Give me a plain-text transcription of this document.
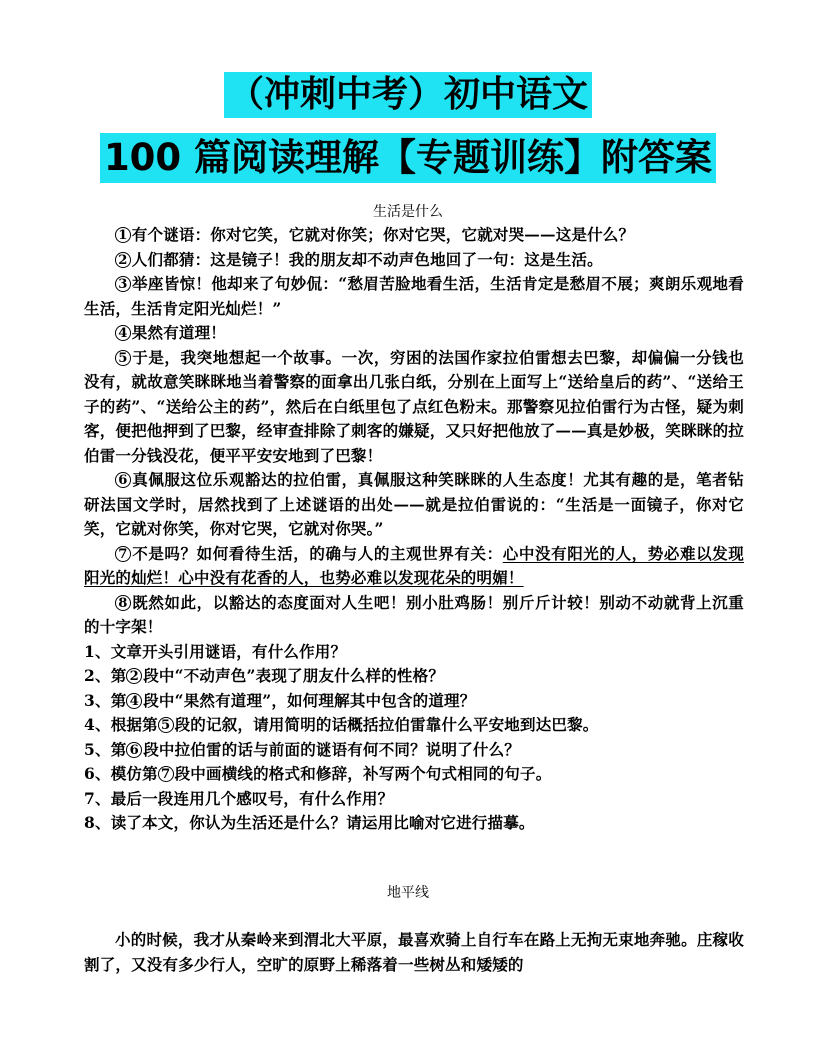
（冲刺中考）初中语文
100 篇阅读理解【专题训练】附答案
生活是什么

1 有个谜语：你对它笑，它就对你笑；你对它哭，它就对哭——这是什么？

2 人们都猜：这是镜子！我的朋友却不动声色地回了一句：这是生活。

3 举座皆惊！他却来了句妙侃：“愁眉苦脸地看生活，生活肯定是愁眉不展；爽朗乐观地看生活，生活肯定阳光灿烂！”

4 果然有道理！

5 于是，我突地想起一个故事。一次，穷困的法国作家拉伯雷想去巴黎，却偏偏一分钱也没有，就故意笑眯眯地当着警察的面拿出几张白纸，分别在上面写上“送给皇后的药”、“送给王子的药”、“送给公主的药”，然后在白纸里包了点红色粉末。那警察见拉伯雷行为古怪，疑为刺客，便把他押到了巴黎，经审查排除了刺客的嫌疑，又只好把他放了——真是妙极，笑眯眯的拉伯雷一分钱没花，便平平安安地到了巴黎！

6 真佩服这位乐观豁达的拉伯雷，真佩服这种笑眯眯的人生态度！尤其有趣的是，笔者钻研法国文学时，居然找到了上述谜语的出处——就是拉伯雷说的：“生活是一面镜子，你对它笑，它就对你笑，你对它哭，它就对你哭。”

7 不是吗？如何看待生活，的确与人的主观世界有关：心中没有阳光的人，势必难以发现阳光的灿烂！心中没有花香的人，也势必难以发现花朵的明媚！

8 既然如此，以豁达的态度面对人生吧！别小肚鸡肠！别斤斤计较！别动不动就背上沉重的十字架！

1、文章开头引用谜语，有什么作用？

2、第 2 段中“不动声色”表现了朋友什么样的性格？

3、第 4 段中“果然有道理”，如何理解其中包含的道理？

4、根据第 5 段的记叙，请用简明的话概括拉伯雷靠什么平安地到达巴黎。

5、第 6 段中拉伯雷的话与前面的谜语有何不同？说明了什么？

6、模仿第 7 段中画横线的格式和修辞，补写两个句式相同的句子。

7、最后一段连用几个感叹号，有什么作用？

8、读了本文，你认为生活还是什么？请运用比喻对它进行描摹。

地平线

小的时候，我才从秦岭来到渭北大平原，最喜欢骑上自行车在路上无拘无束地奔驰。庄稼收割了，又没有多少行人，空旷的原野上稀落着一些树丛和矮矮的
